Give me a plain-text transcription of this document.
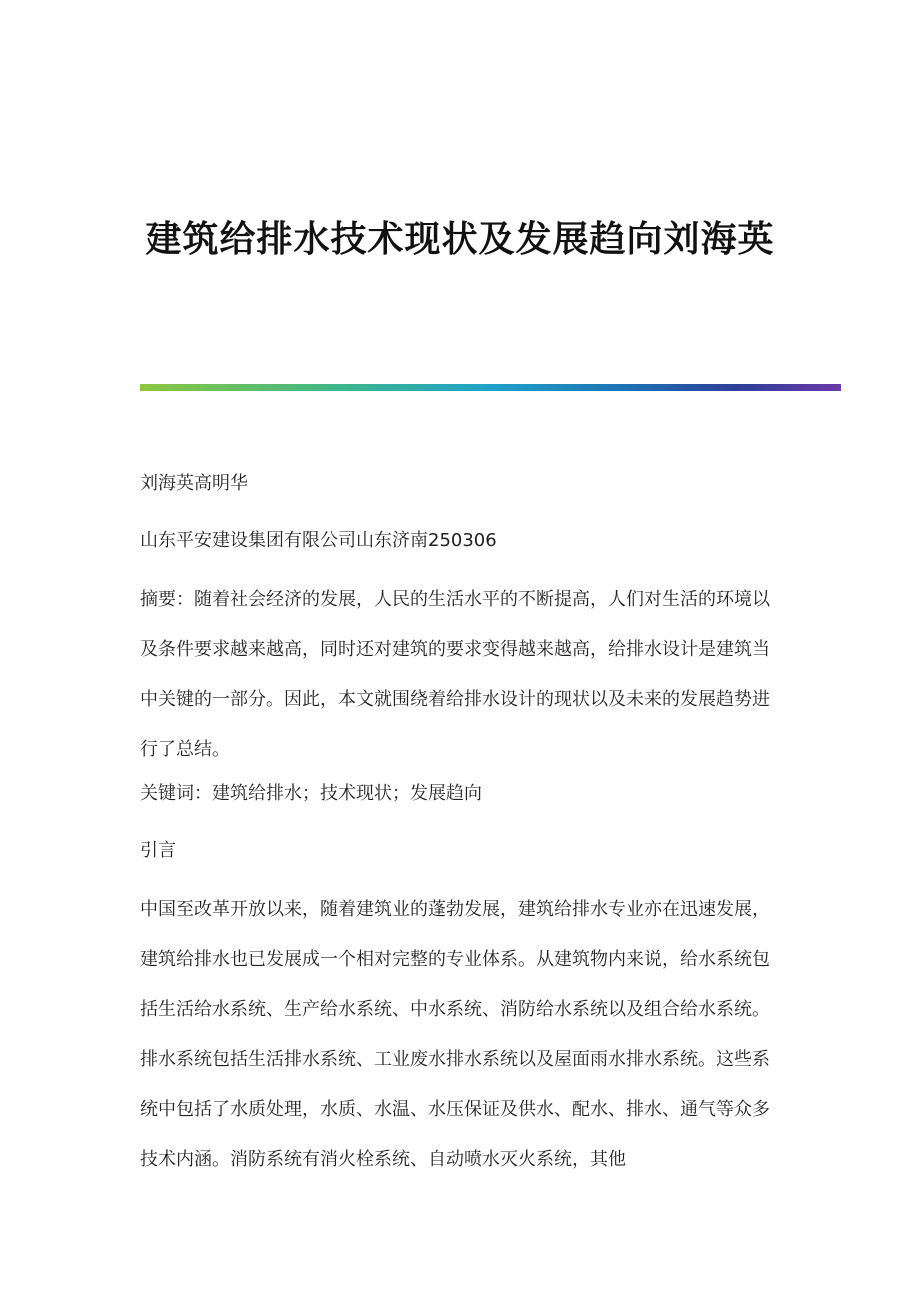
建筑给排水技术现状及发展趋向刘海英
刘海英高明华
山东平安建设集团有限公司山东济南250306
摘要：随着社会经济的发展，人民的生活水平的不断提高，人们对生活的环境以及条件要求越来越高，同时还对建筑的要求变得越来越高，给排水设计是建筑当中关键的一部分。因此，本文就围绕着给排水设计的现状以及未来的发展趋势进行了总结。
关键词：建筑给排水；技术现状；发展趋向
引言
中国至改革开放以来，随着建筑业的蓬勃发展，建筑给排水专业亦在迅速发展，建筑给排水也已发展成一个相对完整的专业体系。从建筑物内来说，给水系统包括生活给水系统、生产给水系统、中水系统、消防给水系统以及组合给水系统。排水系统包括生活排水系统、工业废水排水系统以及屋面雨水排水系统。这些系统中包括了水质处理，水质、水温、水压保证及供水、配水、排水、通气等众多技术内涵。消防系统有消火栓系统、自动喷水灭火系统，其他
